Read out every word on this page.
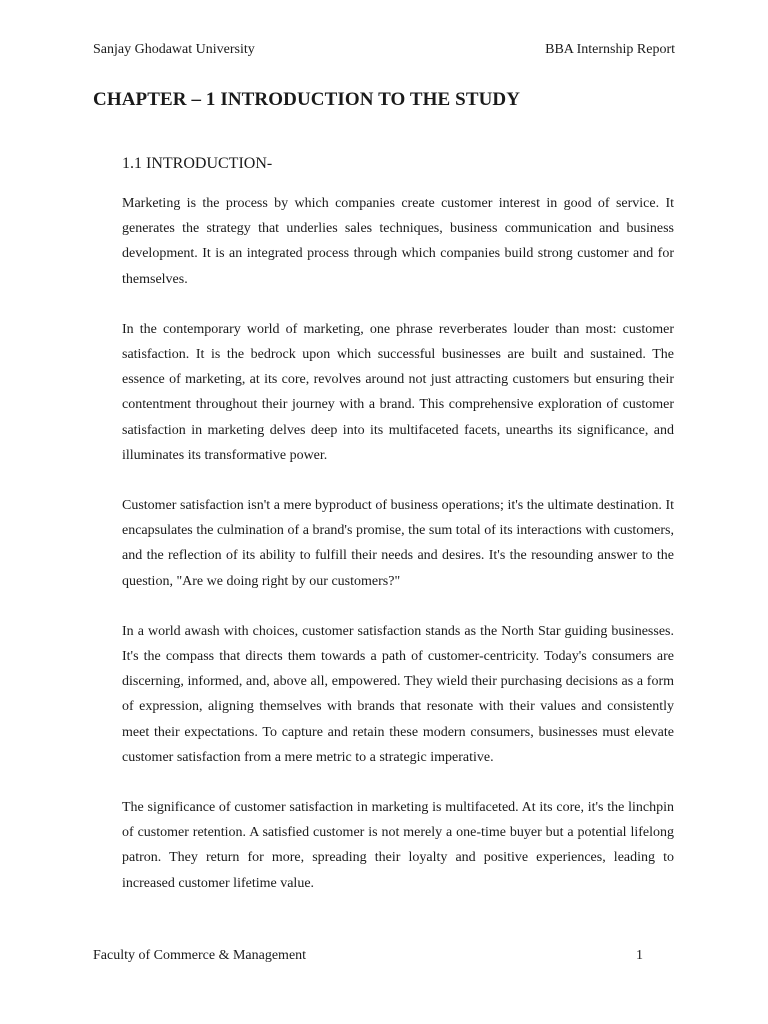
Sanjay Ghodawat University	BBA Internship Report
CHAPTER – 1 INTRODUCTION TO THE STUDY
1.1 INTRODUCTION-

Marketing is the process by which companies create customer interest in good of service. It generates the strategy that underlies sales techniques, business communication and business development. It is an integrated process through which companies build strong customer and for themselves.

In the contemporary world of marketing, one phrase reverberates louder than most: customer satisfaction. It is the bedrock upon which successful businesses are built and sustained. The essence of marketing, at its core, revolves around not just attracting customers but ensuring their contentment throughout their journey with a brand. This comprehensive exploration of customer satisfaction in marketing delves deep into its multifaceted facets, unearths its significance, and illuminates its transformative power.

Customer satisfaction isn't a mere byproduct of business operations; it's the ultimate destination. It encapsulates the culmination of a brand's promise, the sum total of its interactions with customers, and the reflection of its ability to fulfill their needs and desires. It's the resounding answer to the question, "Are we doing right by our customers?"

In a world awash with choices, customer satisfaction stands as the North Star guiding businesses. It's the compass that directs them towards a path of customer-centricity. Today's consumers are discerning, informed, and, above all, empowered. They wield their purchasing decisions as a form of expression, aligning themselves with brands that resonate with their values and consistently meet their expectations. To capture and retain these modern consumers, businesses must elevate customer satisfaction from a mere metric to a strategic imperative.

The significance of customer satisfaction in marketing is multifaceted. At its core, it's the linchpin of customer retention. A satisfied customer is not merely a one-time buyer but a potential lifelong patron. They return for more, spreading their loyalty and positive experiences, leading to increased customer lifetime value.

Faculty of Commerce & Management	1
